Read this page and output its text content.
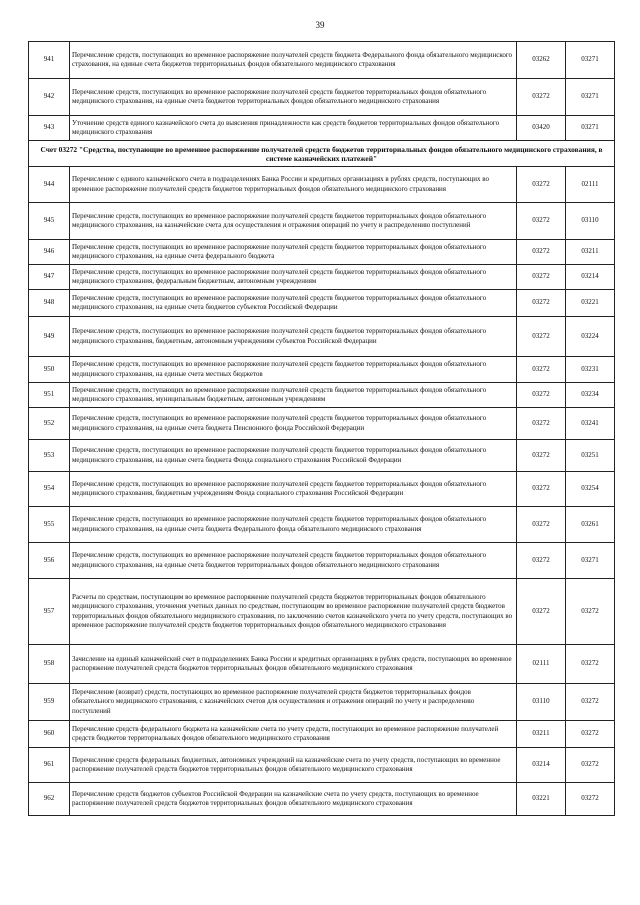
39
941	Перечисление средств, поступающих во временное распоряжение получателей средств бюджета Федерального фонда обязательного медицинского страхования, на единые счета бюджетов территориальных фондов обязательного медицинского страхования	03262	03271
942	Перечисление средств, поступающих во временное распоряжение получателей средств бюджетов территориальных фондов обязательного медицинского страхования, на единые счета бюджетов территориальных фондов обязательного медицинского страхования	03272	03271
943	Уточнение средств единого казначейского счета до выяснения принадлежности как средств бюджетов территориальных фондов обязательного медицинского страхования	03420	03271
Счет 03272 "Средства, поступающие во временное распоряжение получателей средств бюджетов территориальных фондов обязательного медицинского страхования, в системе казначейских платежей"			
944	Перечисление с единого казначейского счета в подразделениях Банка России и кредитных организациях в рублях средств, поступающих во временное распоряжение получателей средств бюджетов территориальных фондов обязательного медицинского страхования	03272	02111
945	Перечисление средств, поступающих во временное распоряжение получателей средств бюджетов территориальных фондов обязательного медицинского страхования, на казначейские счета для осуществления и отражения операций по учету и распределению поступлений	03272	03110
946	Перечисление средств, поступающих во временное распоряжение получателей средств бюджетов территориальных фондов обязательного медицинского страхования, на единые счета федерального бюджета	03272	03211
947	Перечисление средств, поступающих во временное распоряжение получателей средств бюджетов территориальных фондов обязательного медицинского страхования, федеральным бюджетным, автономным учреждениям	03272	03214
948	Перечисление средств, поступающих во временное распоряжение получателей средств бюджетов территориальных фондов обязательного медицинского страхования, на единые счета бюджетов субъектов Российской Федерации	03272	03221
949	Перечисление средств, поступающих во временное распоряжение получателей средств бюджетов территориальных фондов обязательного медицинского страхования, бюджетным, автономным учреждениям субъектов Российской Федерации	03272	03224
950	Перечисление средств, поступающих во временное распоряжение получателей средств бюджетов территориальных фондов обязательного медицинского страхования, на единые счета местных бюджетов	03272	03231
951	Перечисление средств, поступающих во временное распоряжение получателей средств бюджетов территориальных фондов обязательного медицинского страхования, муниципальным бюджетным, автономным учреждениям	03272	03234
952	Перечисление средств, поступающих во временное распоряжение получателей средств бюджетов территориальных фондов обязательного медицинского страхования, на единые счета бюджета Пенсионного фонда Российской Федерации	03272	03241
953	Перечисление средств, поступающих во временное распоряжение получателей средств бюджетов территориальных фондов обязательного медицинского страхования, на единые счета бюджета Фонда социального страхования Российской Федерации	03272	03251
954	Перечисление средств, поступающих во временное распоряжение получателей средств бюджетов территориальных фондов обязательного медицинского страхования, бюджетным учреждениям Фонда социального страхования Российской Федерации	03272	03254
955	Перечисление средств, поступающих во временное распоряжение получателей средств бюджетов территориальных фондов обязательного медицинского страхования, на единые счета бюджета Федерального фонда обязательного медицинского страхования	03272	03261
956	Перечисление средств, поступающих во временное распоряжение получателей средств бюджетов территориальных фондов обязательного медицинского страхования, на единые счета бюджетов территориальных фондов обязательного медицинского страхования	03272	03271
957	Расчеты по средствам, поступающим во временное распоряжение получателей средств бюджетов территориальных фондов обязательного медицинского страхования, уточнения учетных данных по средствам, поступающим во временное распоряжение получателей средств бюджетов территориальных фондов обязательного медицинского страхования, по заключению счетов казначейского учета по учету средств, поступающих во временное распоряжение получателей средств бюджетов территориальных фондов обязательного медицинского страхования	03272	03272
958	Зачисление на единый казначейский счет в подразделениях Банка России и кредитных организациях в рублях средств, поступающих во временное распоряжение получателей средств бюджетов территориальных фондов обязательного медицинского страхования	02111	03272
959	Перечисление (возврат) средств, поступающих во временное распоряжение получателей средств бюджетов территориальных фондов обязательного медицинского страхования, с казначейских счетов для осуществления и отражения операций по учету и распределению поступлений	03110	03272
960	Перечисление средств федерального бюджета на казначейские счета по учету средств, поступающих во временное распоряжение получателей средств бюджетов территориальных фондов обязательного медицинского страхования	03211	03272
961	Перечисление средств федеральных бюджетных, автономных учреждений на казначейские счета по учету средств, поступающих во временное распоряжение получателей средств бюджетов территориальных фондов обязательного медицинского страхования	03214	03272
962	Перечисление средств бюджетов субъектов Российской Федерации на казначейские счета по учету средств, поступающих во временное распоряжение получателей средств бюджетов территориальных фондов обязательного медицинского страхования	03221	03272
